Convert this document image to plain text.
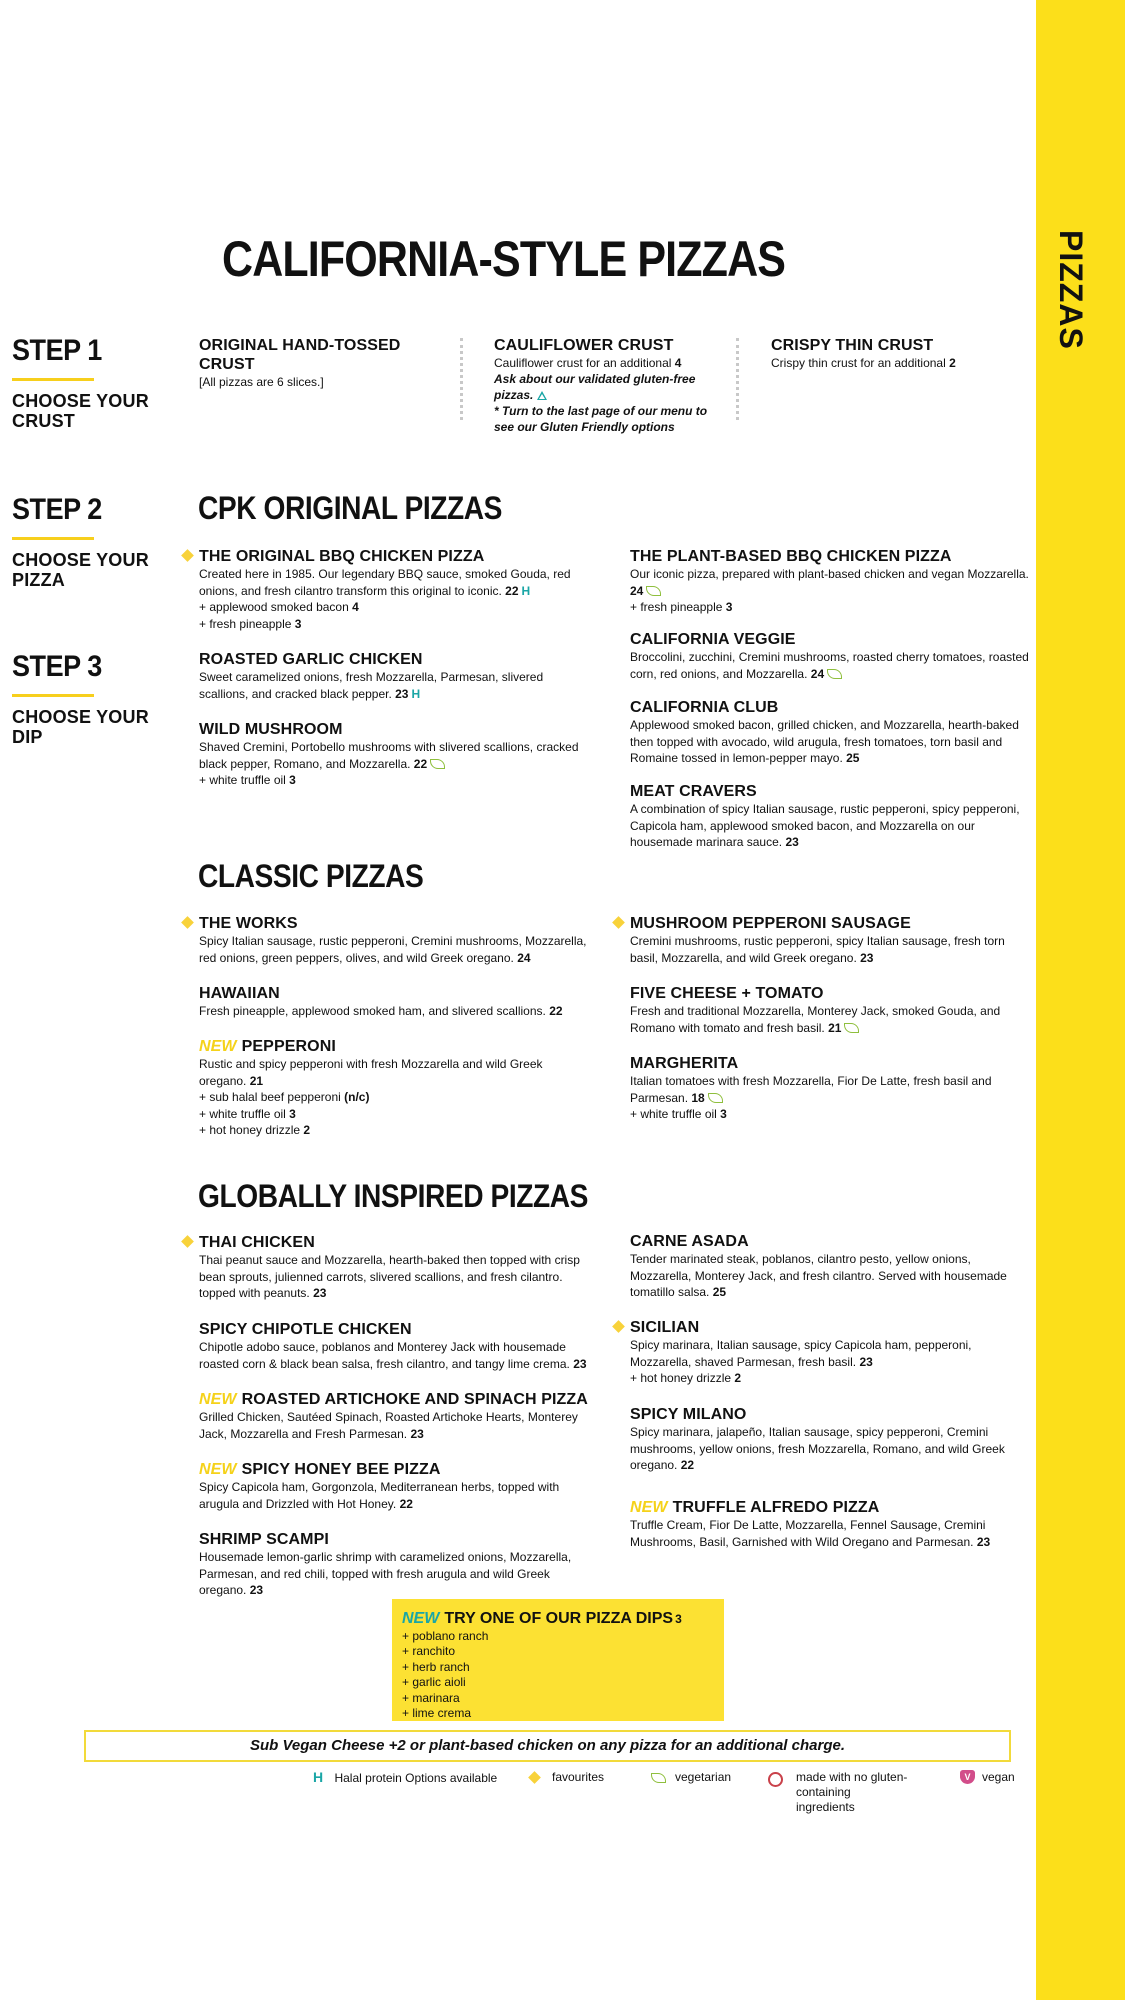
PIZZAS
CALIFORNIA-STYLE PIZZAS
STEP 1
CHOOSE YOUR CRUST
STEP 2
CHOOSE YOUR PIZZA
STEP 3
CHOOSE YOUR DIP
ORIGINAL HAND-TOSSED CRUST
[All pizzas are 6 slices.]
CAULIFLOWER CRUST
Cauliflower crust for an additional 4
Ask about our validated gluten-free pizzas.
* Turn to the last page of our menu to see our Gluten Friendly options
CRISPY THIN CRUST
Crispy thin crust for an additional 2
CPK ORIGINAL PIZZAS
THE ORIGINAL BBQ CHICKEN PIZZA
Created here in 1985. Our legendary BBQ sauce, smoked Gouda, red onions, and fresh cilantro transform this original to iconic. 22 H
+ applewood smoked bacon 4
+ fresh pineapple 3
ROASTED GARLIC CHICKEN
Sweet caramelized onions, fresh Mozzarella, Parmesan, slivered scallions, and cracked black pepper. 23 H
WILD MUSHROOM
Shaved Cremini, Portobello mushrooms with slivered scallions, cracked black pepper, Romano, and Mozzarella. 22
+ white truffle oil 3
THE PLANT-BASED BBQ CHICKEN PIZZA
Our iconic pizza, prepared with plant-based chicken and vegan Mozzarella. 24
+ fresh pineapple 3
CALIFORNIA VEGGIE
Broccolini, zucchini, Cremini mushrooms, roasted cherry tomatoes, roasted corn, red onions, and Mozzarella. 24
CALIFORNIA CLUB
Applewood smoked bacon, grilled chicken, and Mozzarella, hearth-baked then topped with avocado, wild arugula, fresh tomatoes, torn basil and Romaine tossed in lemon-pepper mayo. 25
MEAT CRAVERS
A combination of spicy Italian sausage, rustic pepperoni, spicy pepperoni, Capicola ham, applewood smoked bacon, and Mozzarella on our housemade marinara sauce. 23
CLASSIC PIZZAS
THE WORKS
Spicy Italian sausage, rustic pepperoni, Cremini mushrooms, Mozzarella, red onions, green peppers, olives, and wild Greek oregano. 24
HAWAIIAN
Fresh pineapple, applewood smoked ham, and slivered scallions. 22
NEW PEPPERONI
Rustic and spicy pepperoni with fresh Mozzarella and wild Greek oregano. 21
+ sub halal beef pepperoni (n/c)
+ white truffle oil 3
+ hot honey drizzle 2
MUSHROOM PEPPERONI SAUSAGE
Cremini mushrooms, rustic pepperoni, spicy Italian sausage, fresh torn basil, Mozzarella, and wild Greek oregano. 23
FIVE CHEESE + TOMATO
Fresh and traditional Mozzarella, Monterey Jack, smoked Gouda, and Romano with tomato and fresh basil. 21
MARGHERITA
Italian tomatoes with fresh Mozzarella, Fior De Latte, fresh basil and Parmesan. 18
+ white truffle oil 3
GLOBALLY INSPIRED PIZZAS
THAI CHICKEN
Thai peanut sauce and Mozzarella, hearth-baked then topped with crisp bean sprouts, julienned carrots, slivered scallions, and fresh cilantro. topped with peanuts. 23
SPICY CHIPOTLE CHICKEN
Chipotle adobo sauce, poblanos and Monterey Jack with housemade roasted corn & black bean salsa, fresh cilantro, and tangy lime crema. 23
NEW ROASTED ARTICHOKE AND SPINACH PIZZA
Grilled Chicken, Sautéed Spinach, Roasted Artichoke Hearts, Monterey Jack, Mozzarella and Fresh Parmesan. 23
NEW SPICY HONEY BEE PIZZA
Spicy Capicola ham, Gorgonzola, Mediterranean herbs, topped with arugula and Drizzled with Hot Honey. 22
SHRIMP SCAMPI
Housemade lemon-garlic shrimp with caramelized onions, Mozzarella, Parmesan, and red chili, topped with fresh arugula and wild Greek oregano. 23
CARNE ASADA
Tender marinated steak, poblanos, cilantro pesto, yellow onions, Mozzarella, Monterey Jack, and fresh cilantro. Served with housemade tomatillo salsa. 25
SICILIAN
Spicy marinara, Italian sausage, spicy Capicola ham, pepperoni, Mozzarella, shaved Parmesan, fresh basil. 23
+ hot honey drizzle 2
SPICY MILANO
Spicy marinara, jalapeño, Italian sausage, spicy pepperoni, Cremini mushrooms, yellow onions, fresh Mozzarella, Romano, and wild Greek oregano. 22
NEW TRUFFLE ALFREDO PIZZA
Truffle Cream, Fior De Latte, Mozzarella, Fennel Sausage, Cremini Mushrooms, Basil, Garnished with Wild Oregano and Parmesan. 23
NEW TRY ONE OF OUR PIZZA DIPS 3
+ poblano ranch
+ ranchito
+ herb ranch
+ garlic aioli
+ marinara
+ lime crema
Sub Vegan Cheese +2 or plant-based chicken on any pizza for an additional charge.
H Halal protein Options available	favourites	vegetarian	made with no gluten-containing ingredients
V vegan
